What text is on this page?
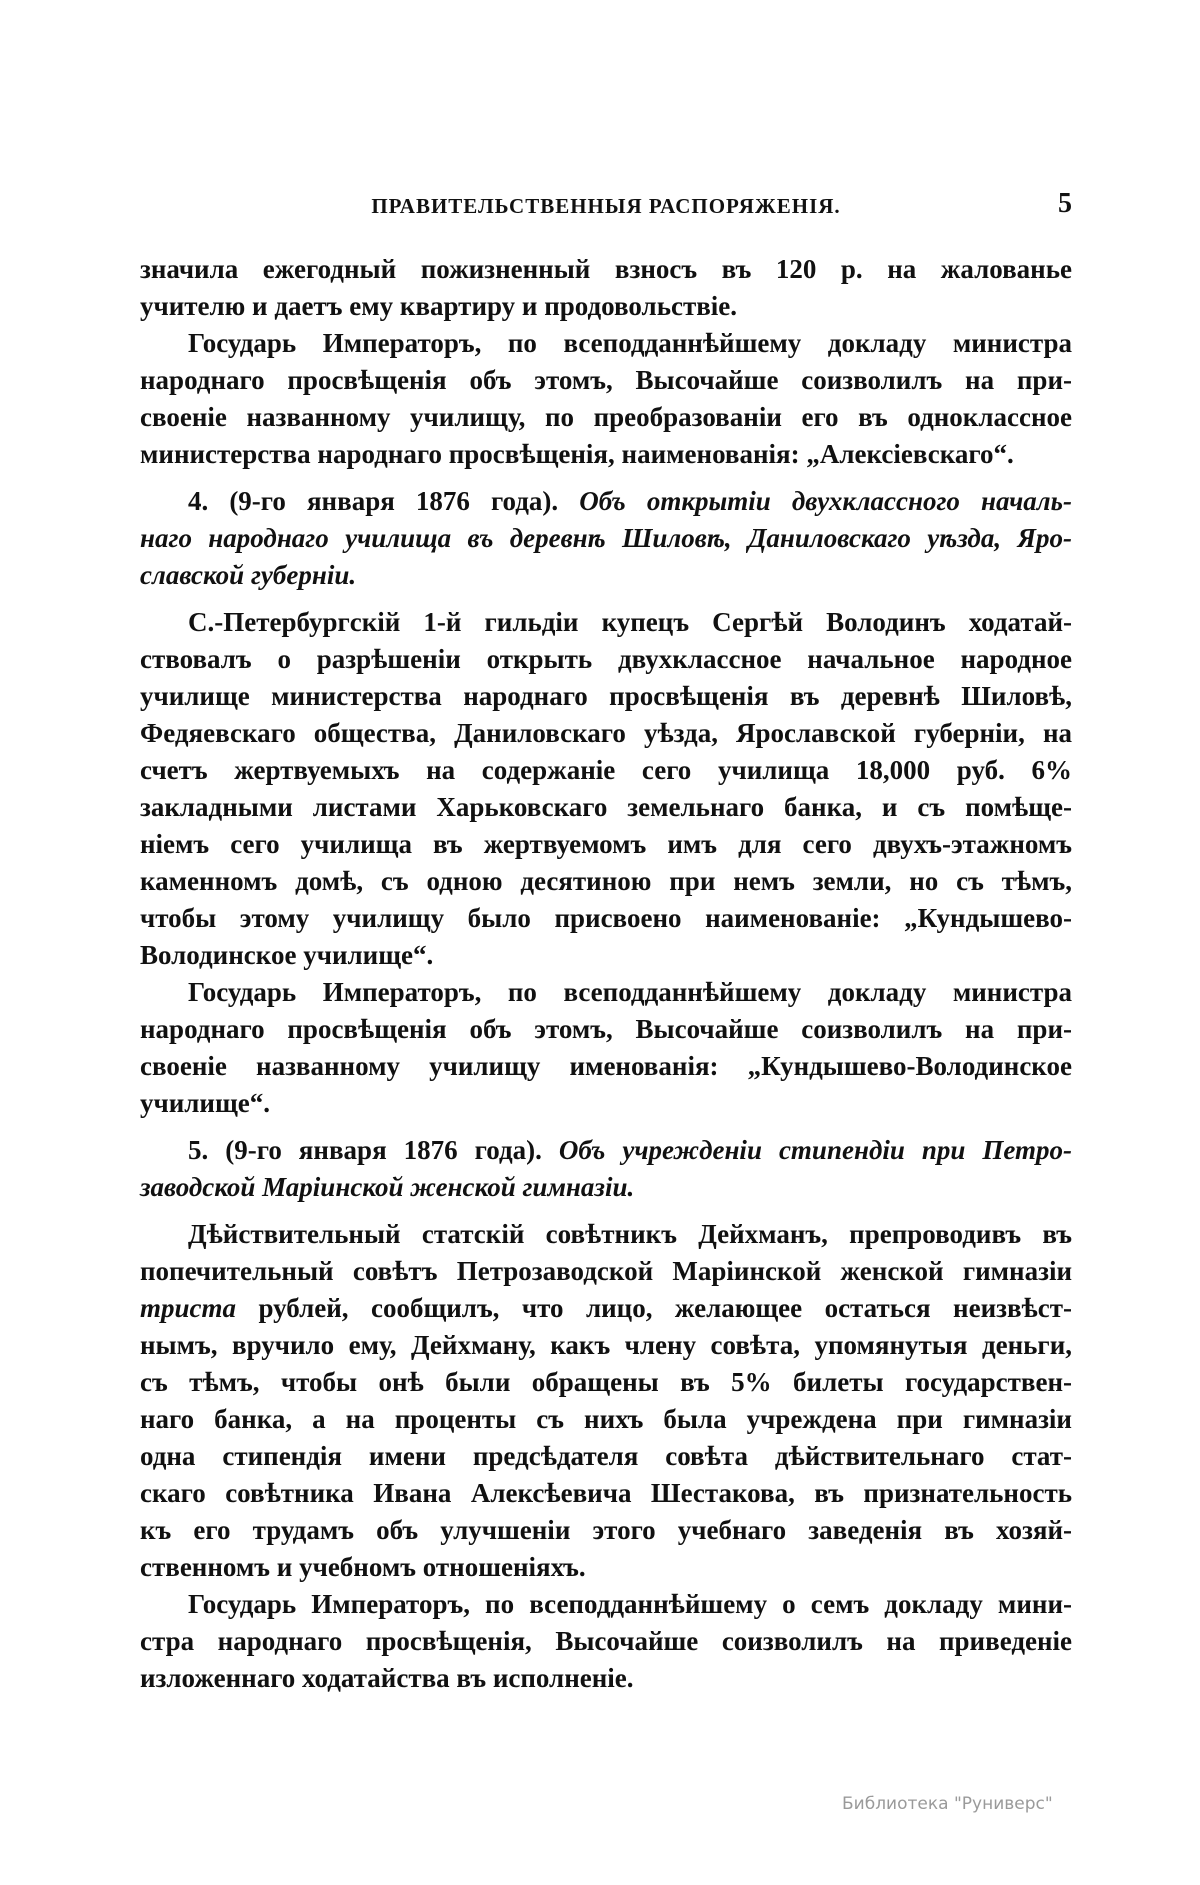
ПРАВИТЕЛЬСТВЕННЫЯ РАСПОРЯЖЕНІЯ.	5
значила ежегодный пожизненный взносъ въ 120 р. на жалованье
учителю и даетъ ему квартиру и продовольствіе.
Государь Императоръ, по всеподданнѣйшему докладу министра
народнаго просвѣщенія объ этомъ, Высочайше соизволилъ на при-
своеніе названному училищу, по преобразованіи его въ одноклассное
министерства народнаго просвѣщенія, наименованія: „Алексіевскаго“.
4. (9-го января 1876 года). Объ открытіи двухклассного началь-
наго народнаго училища въ деревнѣ Шиловѣ, Даниловскаго уѣзда, Яро-
славской губерніи.
С.-Петербургскій 1-й гильдіи купецъ Сергѣй Володинъ ходатай-
ствовалъ о разрѣшеніи открыть двухклассное начальное народное
училище министерства народнаго просвѣщенія въ деревнѣ Шиловѣ,
Федяевскаго общества, Даниловскаго уѣзда, Ярославской губерніи, на
счетъ жертвуемыхъ на содержаніе сего училища 18,000 руб. 6%
закладными листами Харьковскаго земельнаго банка, и съ помѣще-
ніемъ сего училища въ жертвуемомъ имъ для сего двухъ-этажномъ
каменномъ домѣ, съ одною десятиною при немъ земли, но съ тѣмъ,
чтобы этому училищу было присвоено наименованіе: „Кундышево-
Володинское училище“.
Государь Императоръ, по всеподданнѣйшему докладу министра
народнаго просвѣщенія объ этомъ, Высочайше соизволилъ на при-
своеніе названному училищу именованія: „Кундышево-Володинское
училище“.
5. (9-го января 1876 года). Объ учрежденіи стипендіи при Петро-
заводской Маріинской женской гимназіи.
Дѣйствительный статскій совѣтникъ Дейхманъ, препроводивъ въ
попечительный совѣтъ Петрозаводской Маріинской женской гимназіи
триста рублей, сообщилъ, что лицо, желающее остаться неизвѣст-
нымъ, вручило ему, Дейхману, какъ члену совѣта, упомянутыя деньги,
съ тѣмъ, чтобы онѣ были обращены въ 5% билеты государствен-
наго банка, а на проценты съ нихъ была учреждена при гимназіи
одна стипендія имени предсѣдателя совѣта дѣйствительнаго стат-
скаго совѣтника Ивана Алексѣевича Шестакова, въ признательность
къ его трудамъ объ улучшеніи этого учебнаго заведенія въ хозяй-
ственномъ и учебномъ отношеніяхъ.
Государь Императоръ, по всеподданнѣйшему о семъ докладу мини-
стра народнаго просвѣщенія, Высочайше соизволилъ на приведеніе
изложеннаго ходатайства въ исполненіе.
Библиотека "Руниверс"
